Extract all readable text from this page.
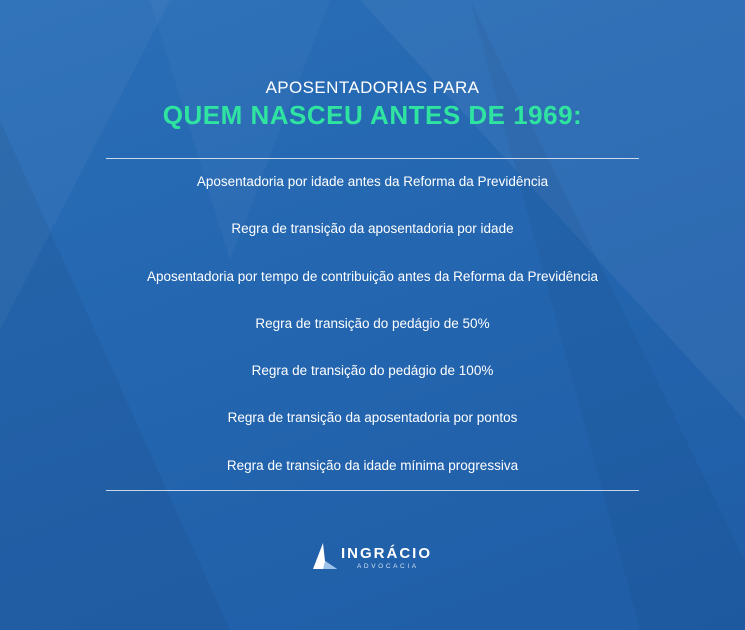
APOSENTADORIAS PARA
QUEM NASCEU ANTES DE 1969:
Aposentadoria por idade antes da Reforma da Previdência
Regra de transição da aposentadoria por idade
Aposentadoria por tempo de contribuição antes da Reforma da Previdência
Regra de transição do pedágio de 50%
Regra de transição do pedágio de 100%
Regra de transição da aposentadoria por pontos
Regra de transição da idade mínima progressiva
INGRÁCIO
ADVOCACIA
